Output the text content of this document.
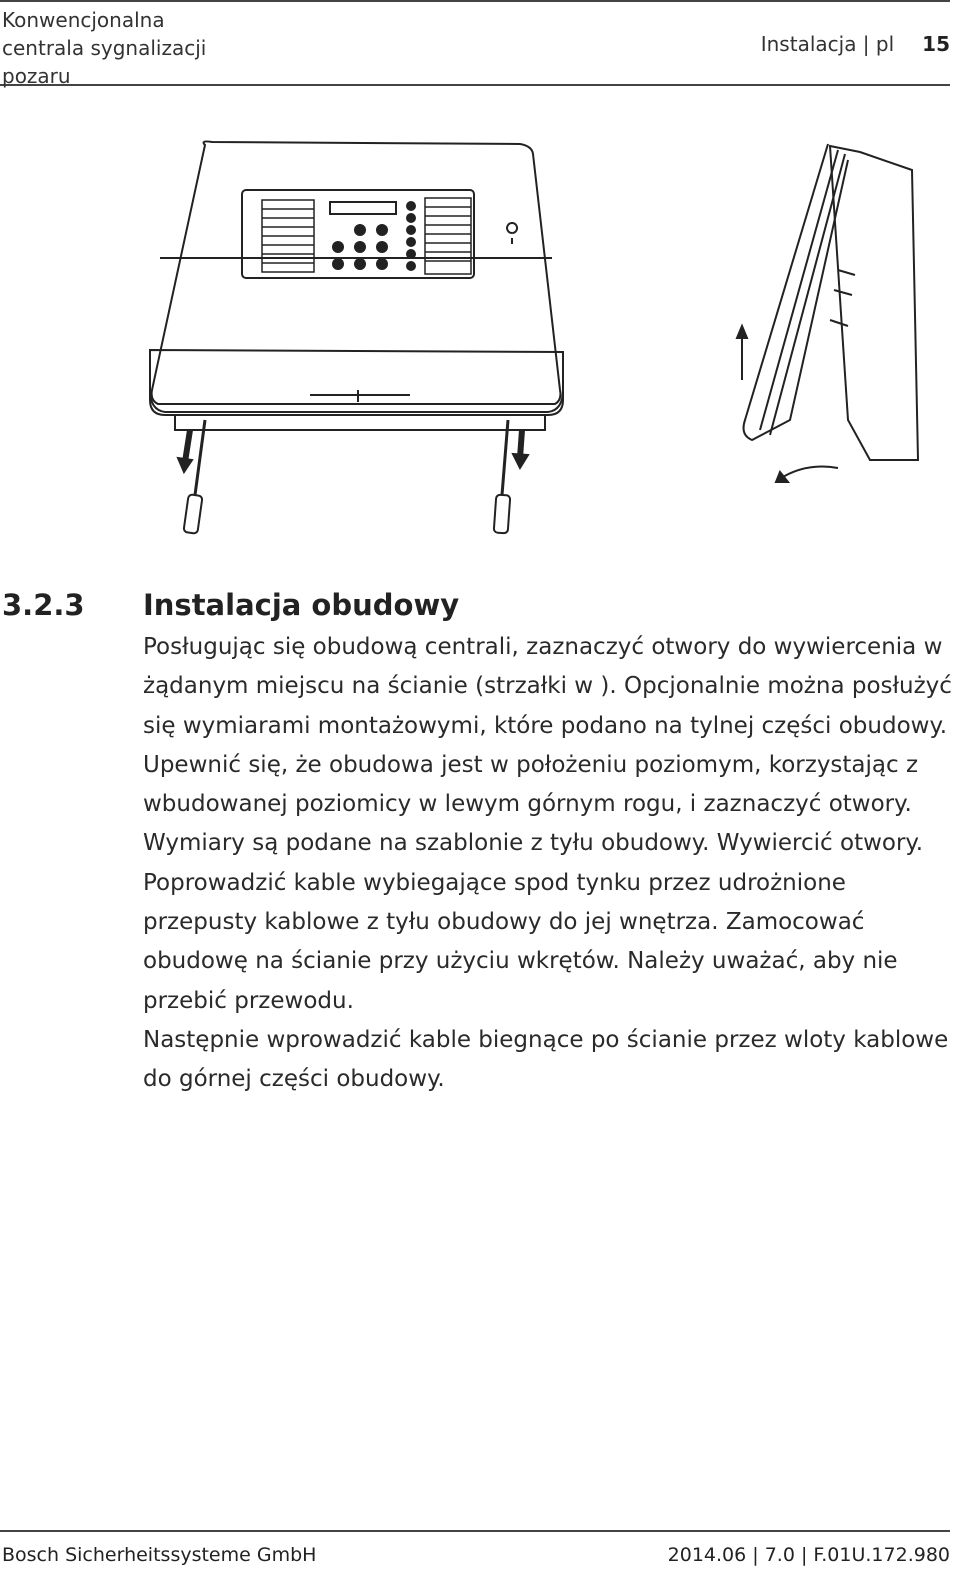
Konwencjonalna centrala sygnalizacji pozaru
Instalacja | pl 15
3.2.3 Instalacja obudowy

Posługując się obudową centrali, zaznaczyć otwory do wywiercenia w żądanym miejscu na ścianie (strzałki w ). Opcjonalnie można posłużyć się wymiarami montażowymi, które podano na tylnej części obudowy. Upewnić się, że obudowa jest w położeniu poziomym, korzystając z wbudowanej poziomicy w lewym górnym rogu, i zaznaczyć otwory. Wymiary są podane na szablonie z tyłu obudowy. Wywiercić otwory.

Poprowadzić kable wybiegające spod tynku przez udrożnione przepusty kablowe z tyłu obudowy do jej wnętrza. Zamocować obudowę na ścianie przy użyciu wkrętów. Należy uważać, aby nie przebić przewodu.

Następnie wprowadzić kable biegnące po ścianie przez wloty kablowe do górnej części obudowy.

Bosch Sicherheitssysteme GmbH	2014.06 | 7.0 | F.01U.172.980
